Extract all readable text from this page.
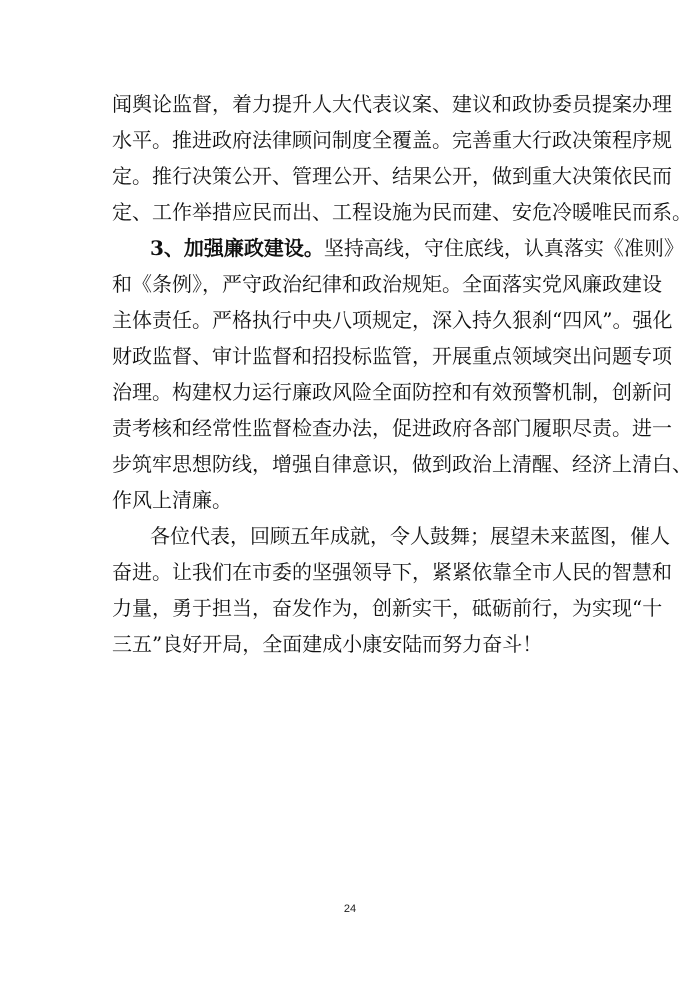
闻舆论监督，着力提升人大代表议案、建议和政协委员提案办理
水平。推进政府法律顾问制度全覆盖。完善重大行政决策程序规
定。推行决策公开、管理公开、结果公开，做到重大决策依民而
定、工作举措应民而出、工程设施为民而建、安危冷暖唯民而系。
3、加强廉政建设。坚持高线，守住底线，认真落实《准则》
和《条例》，严守政治纪律和政治规矩。全面落实党风廉政建设
主体责任。严格执行中央八项规定，深入持久狠刹“四风”。强化
财政监督、审计监督和招投标监管，开展重点领域突出问题专项
治理。构建权力运行廉政风险全面防控和有效预警机制，创新问
责考核和经常性监督检查办法，促进政府各部门履职尽责。进一
步筑牢思想防线，增强自律意识，做到政治上清醒、经济上清白、
作风上清廉。
各位代表，回顾五年成就，令人鼓舞；展望未来蓝图，催人
奋进。让我们在市委的坚强领导下，紧紧依靠全市人民的智慧和
力量，勇于担当，奋发作为，创新实干，砥砺前行，为实现“十
三五”良好开局，全面建成小康安陆而努力奋斗！
24
